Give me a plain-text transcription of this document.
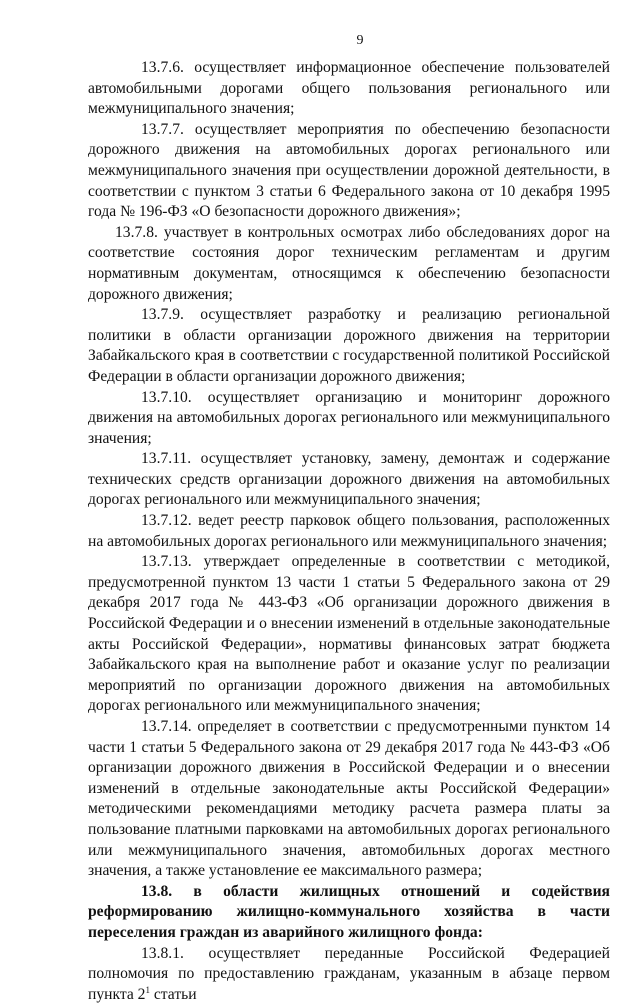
9

13.7.6. осуществляет информационное обеспечение пользователей автомобильными дорогами общего пользования регионального или межмуниципального значения;

13.7.7. осуществляет мероприятия по обеспечению безопасности дорожного движения на автомобильных дорогах регионального или межмуниципального значения при осуществлении дорожной деятельности, в соответствии с пунктом 3 статьи 6 Федерального закона от 10 декабря 1995 года № 196-ФЗ «О безопасности дорожного движения»;

13.7.8. участвует в контрольных осмотрах либо обследованиях дорог на соответствие состояния дорог техническим регламентам и другим нормативным документам, относящимся к обеспечению безопасности дорожного движения;

13.7.9. осуществляет разработку и реализацию региональной политики в области организации дорожного движения на территории Забайкальского края в соответствии с государственной политикой Российской Федерации в области организации дорожного движения;

13.7.10. осуществляет организацию и мониторинг дорожного движения на автомобильных дорогах регионального или межмуниципального значения;

13.7.11. осуществляет установку, замену, демонтаж и содержание технических средств организации дорожного движения на автомобильных дорогах регионального или межмуниципального значения;

13.7.12. ведет реестр парковок общего пользования, расположенных на автомобильных дорогах регионального или межмуниципального значения;

13.7.13. утверждает определенные в соответствии с методикой, предусмотренной пунктом 13 части 1 статьи 5 Федерального закона от 29 декабря 2017 года № 443-ФЗ «Об организации дорожного движения в Российской Федерации и о внесении изменений в отдельные законодательные акты Российской Федерации», нормативы финансовых затрат бюджета Забайкальского края на выполнение работ и оказание услуг по реализации мероприятий по организации дорожного движения на автомобильных дорогах регионального или межмуниципального значения;

13.7.14. определяет в соответствии с предусмотренными пунктом 14 части 1 статьи 5 Федерального закона от 29 декабря 2017 года № 443-ФЗ «Об организации дорожного движения в Российской Федерации и о внесении изменений в отдельные законодательные акты Российской Федерации» методическими рекомендациями методику расчета размера платы за пользование платными парковками на автомобильных дорогах регионального или межмуниципального значения, автомобильных дорогах местного значения, а также установление ее максимального размера;

13.8. в области жилищных отношений и содействия реформированию жилищно-коммунального хозяйства в части переселения граждан из аварийного жилищного фонда:

13.8.1. осуществляет переданные Российской Федерацией полномочия по предоставлению гражданам, указанным в абзаце первом пункта $2^1$ статьи
